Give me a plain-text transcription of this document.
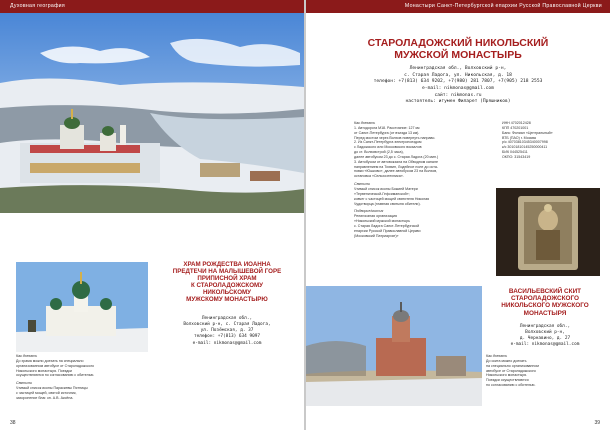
Духовная география
ХРАМ РОЖДЕСТВА ИОАННА
ПРЕДТЕЧИ НА МАЛЫШЕВОЙ ГОРЕ
ПРИПИСНОЙ ХРАМ
К СТАРОЛАДОЖСКОМУ
НИКОЛЬСКОМУ
МУЖСКОМУ МОНАСТЫРЮ
Ленинградская обл.,
Волховский р-н, с. Старая Ладога,
ул. Позёмская, д. 37
телефон: +7(813) 634 9097
e-mail: nikmonas@gmail.com
Как доехать
До храма можно доехать на специально
организованном автобусе от Староладожского
Никольского монастыря. Поездки
осуществляются по согласованию с обителью.
Святыни
Чтимый список иконы Параскевы Пятницы
с частицей мощей, святой источник,
захоронение благ. кн. А.В. Аксёна.
38
Монастыри Санкт-Петербургской епархии Русской Православной Церкви
СТАРОЛАДОЖСКИЙ НИКОЛЬСКИЙ
МУЖСКОЙ МОНАСТЫРЬ
Ленинградская обл., Волховский р-н,
с. Старая Ладога, ул. Никольская, д. 18
телефон: +7(813) 634 9202, +7(980) 281 7807, +7(905) 218 2553
e-mail: nikmonas@gmail.com
сайт: nikmonas.ru
настоятель: игумен Филарет (Пряшников)
Как доехать
1. Автодорога М18. Расстояние: 127 км
от Санкт-Петербурга (от въезда 13 км).
Перед мостом через Волхов повернуть направо.
2. Из Санкт-Петербурга электропоездом
с Ладожского или Московского вокзалов
до ст. Волховстрой (2,5 часа),
далее автобусом 23 до с. Старая Ладога (20 мин.)
3. Автобусом от автовокзала на Обводном канале
направлением на Тихвин, Лодейное поле до оста-
новки «Юшково», далее автобусом 23 на Волхов,
остановка «Сельхозтехника».
Святыни
Чтимый список иконы Божией Матери
«Тервенической-Гефсиманской»;
ковчег с частицей мощей святителя Николая
Чудотворца (главная святыня обители).
Подворье/миссия
Религиозная организация
«Никольский мужской монастырь
с. Старая Ладога Санкт-Петербургской
епархии Русской Православной Церкви
(Московский Патриархат)»
ИНН 4702012428
КПП 470201001
Банк: Филиал «Центральный»
ВТБ (ПАО) г. Москва
р/с 40703810345340007998
к/с 30101810145250000411
БИК 044525411
ОКПО: 31543419
ВАСИЛЬЕВСКИЙ СКИТ
СТАРОЛАДОЖСКОГО
НИКОЛЬСКОГО МУЖСКОГО
МОНАСТЫРЯ
Ленинградская обл.,
Волховский р-н,
д. Чернавино, д. 27
e-mail: nikmonas@gmail.com
Как доехать
До скита можно доехать
на специально организованном
автобусе от Староладожского
Никольского монастыря.
Поездки осуществляются
по согласованию с обителью.
39
